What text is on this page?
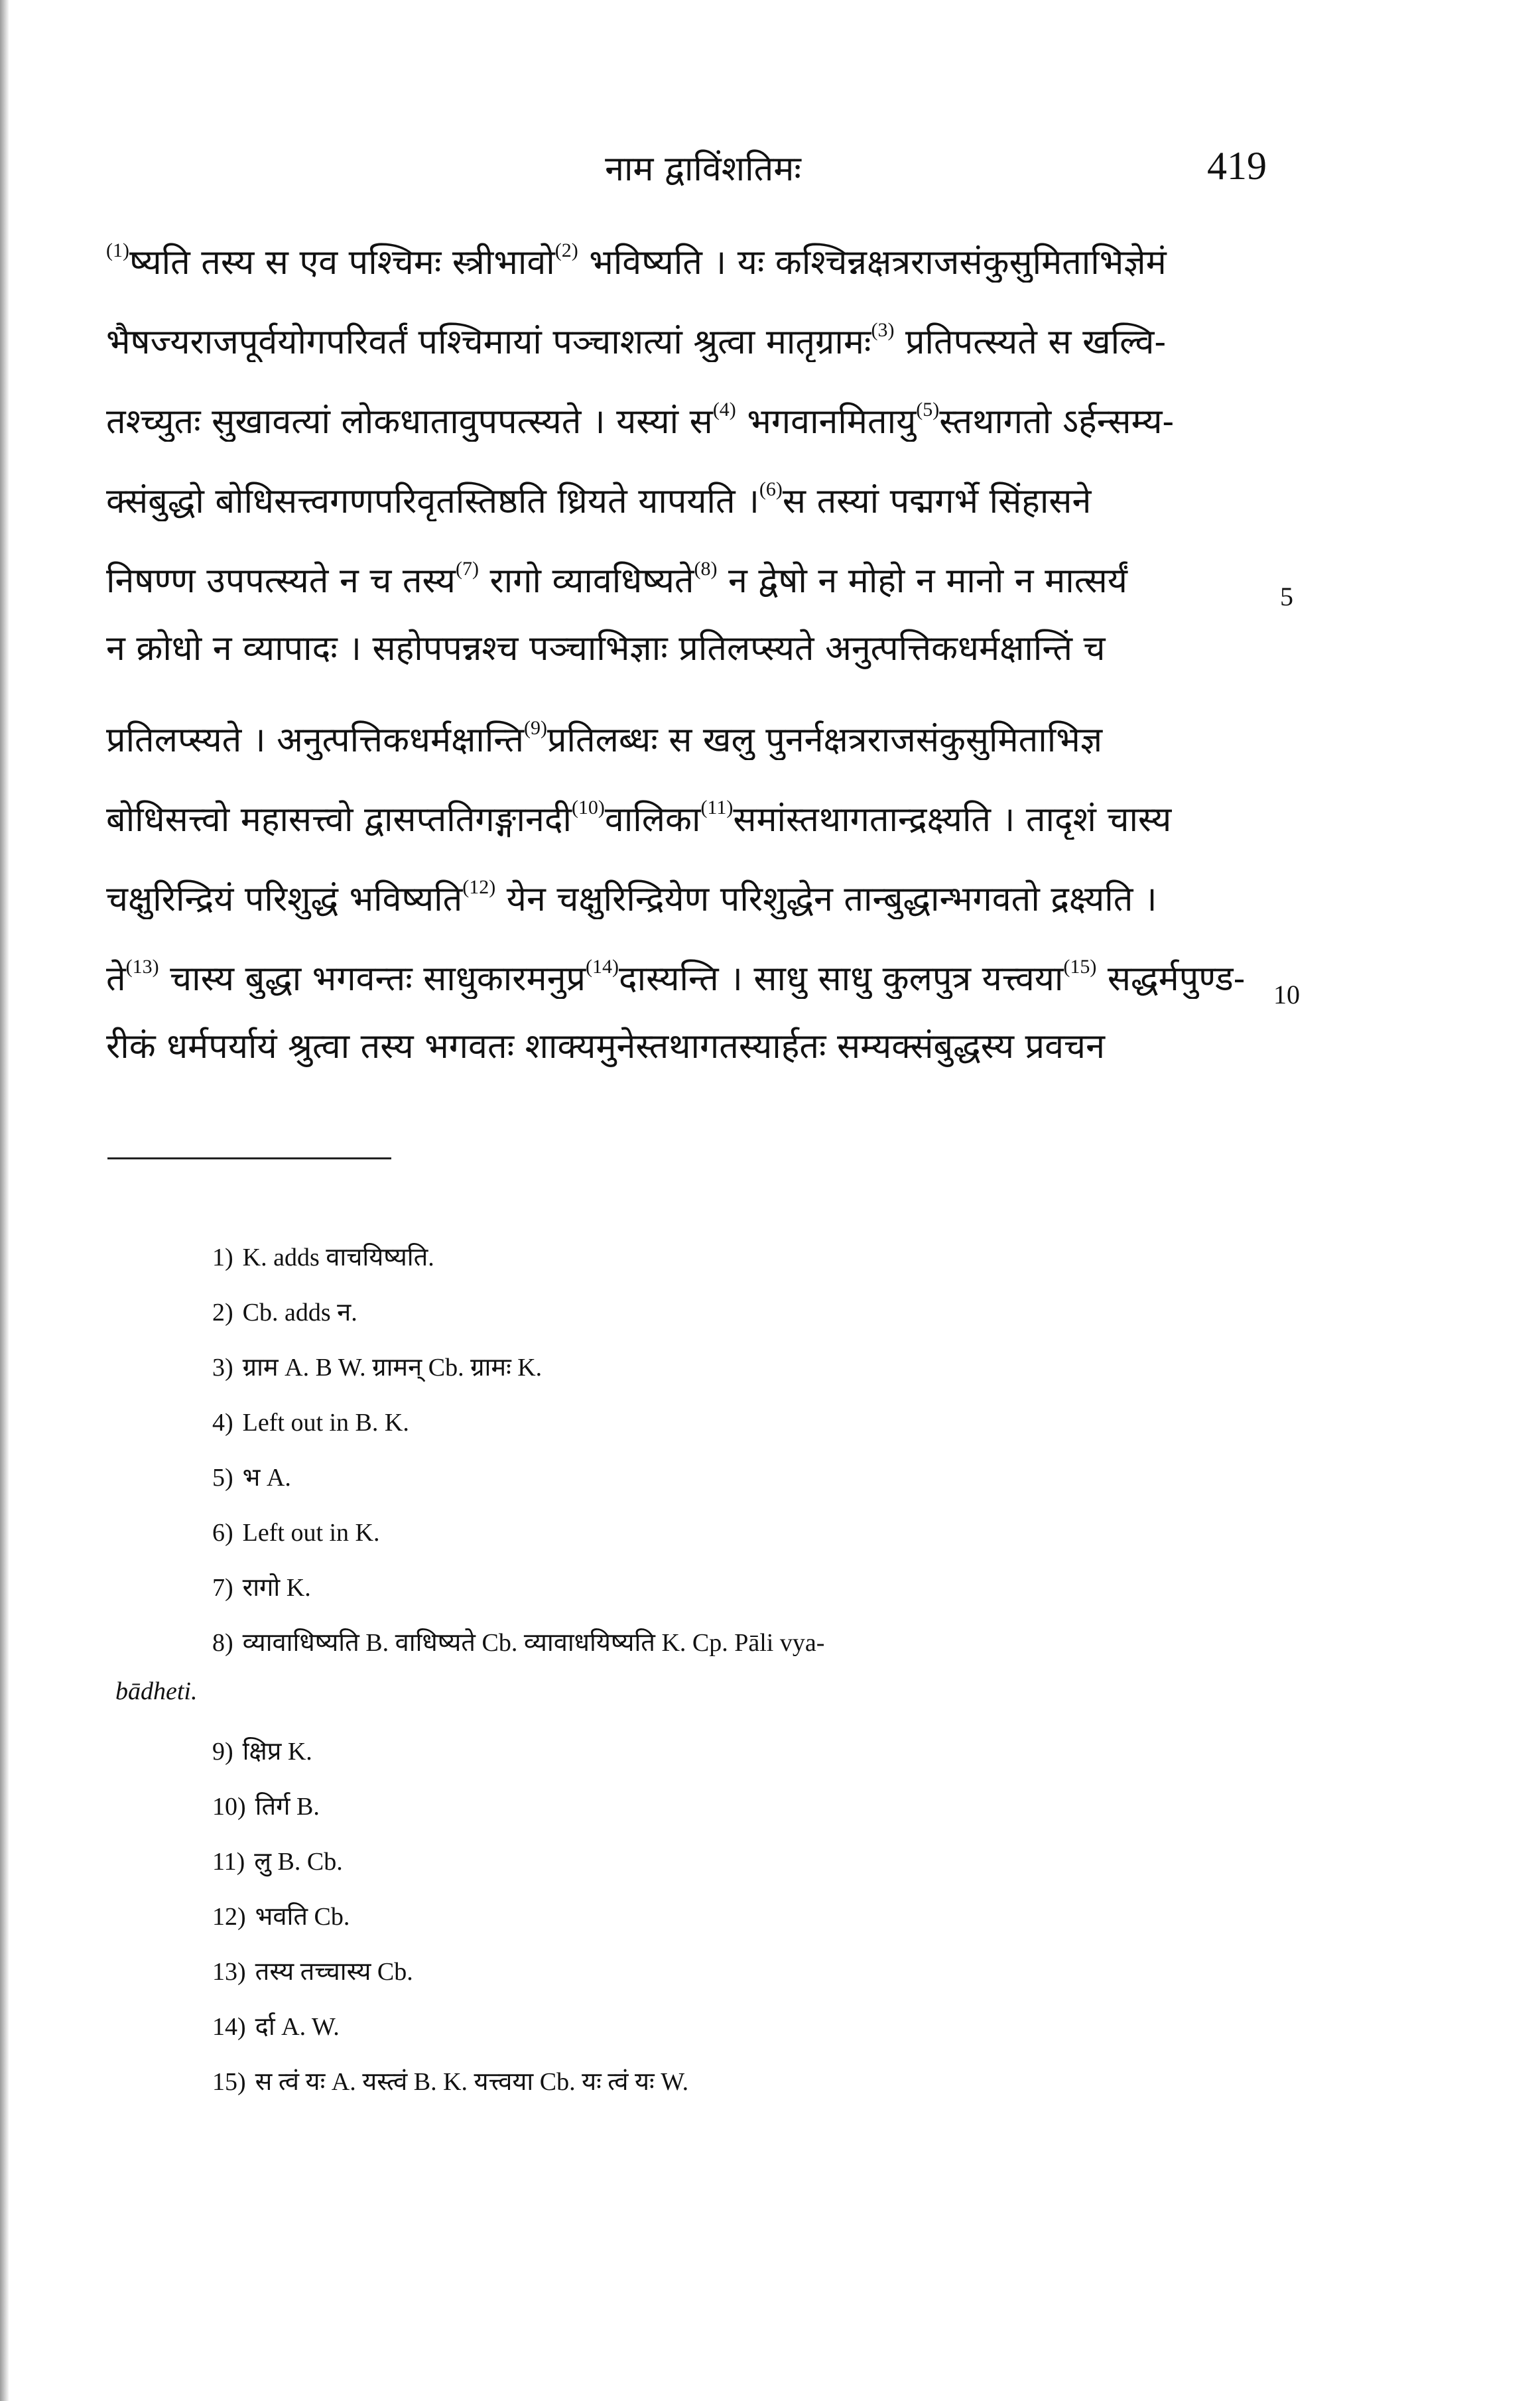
नाम द्वाविंशतिमः	419
$^{(1)}$ष्यति तस्य स एव पश्चिमः स्त्रीभावो$^{(2)}$ भविष्यति । यः कश्चिन्नक्षत्रराजसंकुसुमिताभिज्ञेमं
भैषज्यराजपूर्वयोगपरिवर्तं पश्चिमायां पञ्चाशत्यां श्रुत्वा मातृग्रामः$^{(3)}$ प्रतिपत्स्यते स खल्वि-
तश्च्युतः सुखावत्यां लोकधातावुपपत्स्यते । यस्यां स$^{(4)}$ भगवानमितायु$^{(5)}$स्तथागतो ऽर्हन्सम्य-
क्संबुद्धो बोधिसत्त्वगणपरिवृतस्तिष्ठति ध्रियते यापयति ।$^{(6)}$स तस्यां पद्मगर्भे सिंहासने
निषण्ण उपपत्स्यते न च तस्य$^{(7)}$ रागो व्यावधिष्यते$^{(8)}$ न द्वेषो न मोहो न मानो न मात्सर्यं
न क्रोधो न व्यापादः । सहोपपन्नश्च पञ्चाभिज्ञाः प्रतिलप्स्यते अनुत्पत्तिकधर्मक्षान्तिं च
प्रतिलप्स्यते । अनुत्पत्तिकधर्मक्षान्ति$^{(9)}$प्रतिलब्धः स खलु पुनर्नक्षत्रराजसंकुसुमिताभिज्ञ
बोधिसत्त्वो महासत्त्वो द्वासप्ततिगङ्गानदी$^{(10)}$वालिका$^{(11)}$समांस्तथागतान्द्रक्ष्यति । तादृशं चास्य
चक्षुरिन्द्रियं परिशुद्धं भविष्यति$^{(12)}$ येन चक्षुरिन्द्रियेण परिशुद्धेन तान्बुद्धान्भगवतो द्रक्ष्यति ।
ते$^{(13)}$ चास्य बुद्धा भगवन्तः साधुकारमनुप्र$^{(14)}$दास्यन्ति । साधु साधु कुलपुत्र यत्त्वया$^{(15)}$ सद्धर्मपुण्ड-
रीकं धर्मपर्यायं श्रुत्वा तस्य भगवतः शाक्यमुनेस्तथागतस्यार्हतः सम्यक्संबुद्धस्य प्रवचन
5
10
1) K. adds वाचयिष्यति.
2) Cb. adds न.
3) ग्राम A. B W. ग्रामन् Cb. ग्रामः K.
4) Left out in B. K.
5) भ A.
6) Left out in K.
7) रागो K.
8) व्यावाधिष्यति B. वाधिष्यते Cb. व्यावाधयिष्यति K. Cp. Pāli vya-
bādheti.
9) क्षिप्र K.
10) तिर्ग B.
11) लु B. Cb.
12) भवति Cb.
13) तस्य तच्चास्य Cb.
14) र्दा A. W.
15) स त्वं यः A. यस्त्वं B. K. यत्त्वया Cb. यः त्वं यः W.
